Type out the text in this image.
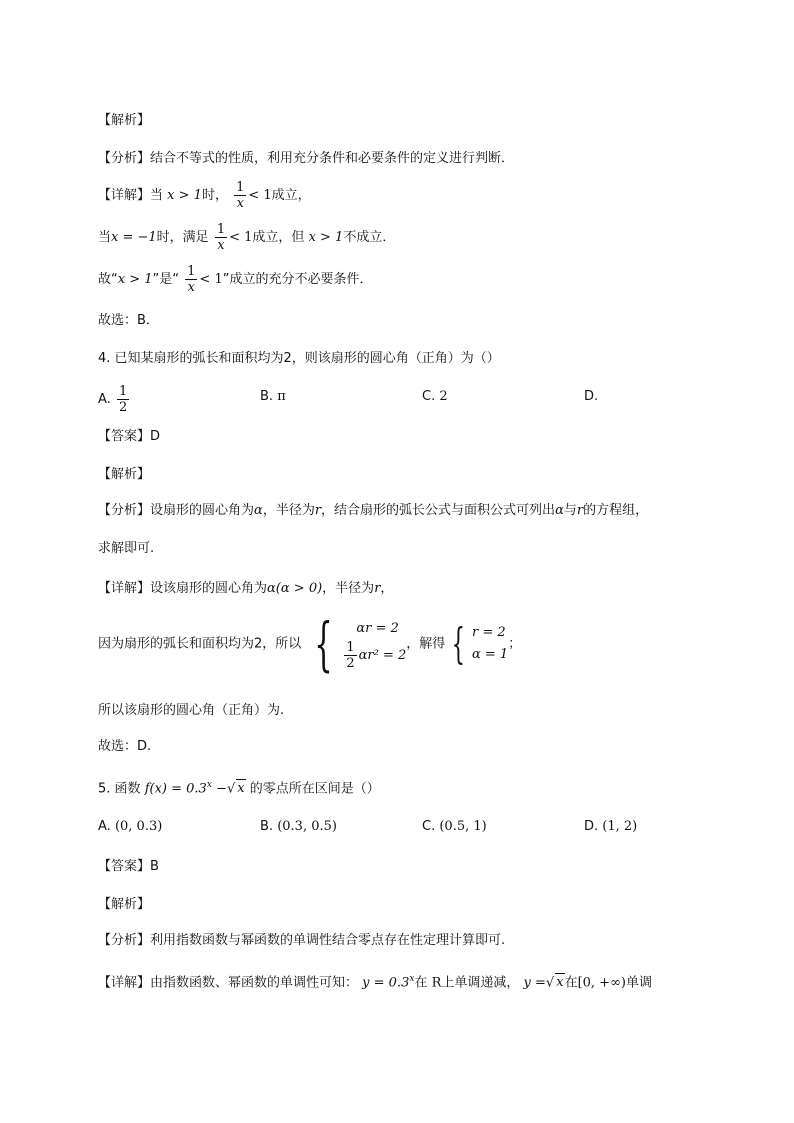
【解析】
【分析】结合不等式的性质，利用充分条件和必要条件的定义进行判断．
【详解】当 x > 1时， $\frac{1}{x} < 1$成立，
当x = −1时，满足 $\frac{1}{x} < 1$成立，但 x > 1不成立．
故“x > 1”是“ $\frac{1}{x} < 1$”成立的充分不必要条件．
故选：B．
4. 已知某扇形的弧长和面积均为2，则该扇形的圆心角（正角）为（）
A. $\frac{1}{2}$	B. π	C. 2	D.
【答案】D
【解析】
【分析】设扇形的圆心角为α，半径为r，结合扇形的弧长公式与面积公式可列出α与r的方程组，
求解即可.
【详解】设该扇形的圆心角为α(α > 0)，半径为r，
因为扇形的弧长和面积均为2，所以 {	αr = 2
$\frac{1}{2} \alpha r^2 = 2$
，解得 { r = 2
α = 1
；
所以该扇形的圆心角（正角）为.
故选：D.
5. 函数 $f(x) = 0.3^x$ −√ x 的零点所在区间是（）
A. (0, 0.3)	B. (0.3, 0.5)	C. (0.5, 1)	D. (1, 2)
【答案】B
【解析】
【分析】利用指数函数与幂函数的单调性结合零点存在性定理计算即可.
【详解】由指数函数、幂函数的单调性可知： $y = 0.3^x$在 R上单调递减， y =√ x在[0, +∞)单调
